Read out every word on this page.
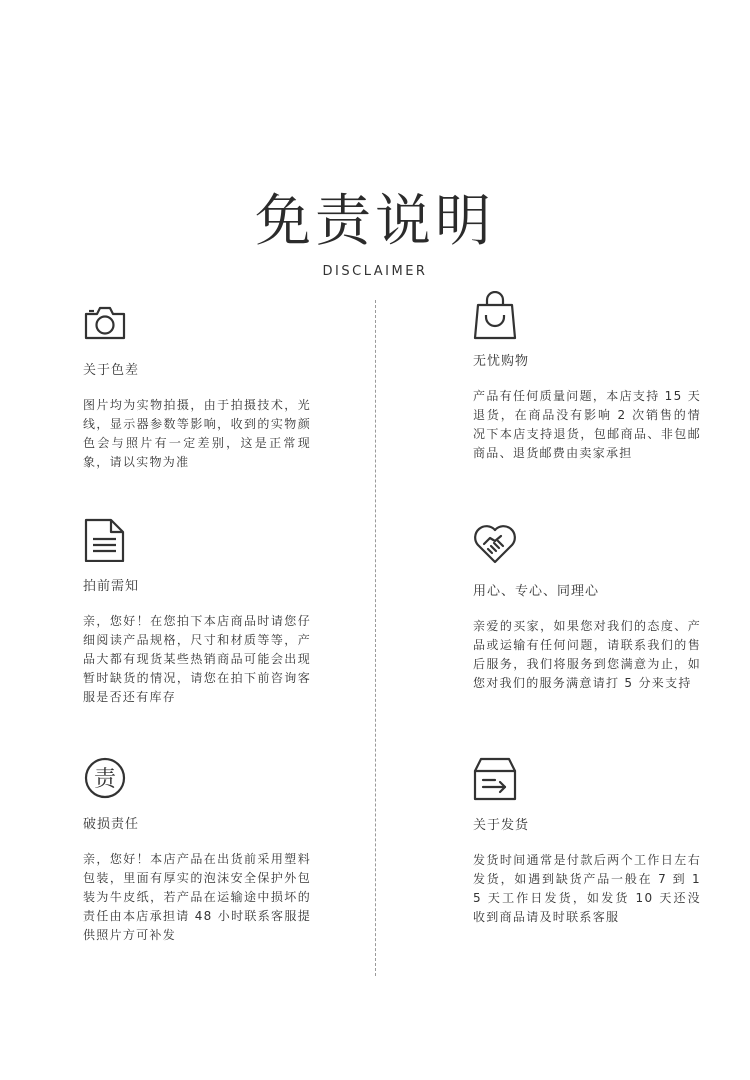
免责说明
DISCLAIMER
关于色差
图片均为实物拍摄，由于拍摄技术，光线，显示器参数等影响，收到的实物颜色会与照片有一定差别，这是正常现象，请以实物为准
拍前需知
亲，您好！在您拍下本店商品时请您仔细阅读产品规格，尺寸和材质等等，产品大都有现货某些热销商品可能会出现暂时缺货的情况，请您在拍下前咨询客服是否还有库存
责
破损责任
亲，您好！本店产品在出货前采用塑料包装，里面有厚实的泡沫安全保护外包装为牛皮纸，若产品在运输途中损坏的责任由本店承担请 48 小时联系客服提供照片方可补发
无忧购物
产品有任何质量问题，本店支持 15 天退货，在商品没有影响 2 次销售的情况下本店支持退货，包邮商品、非包邮商品、退货邮费由卖家承担
用心、专心、同理心
亲爱的买家，如果您对我们的态度、产品或运输有任何问题，请联系我们的售后服务，我们将服务到您满意为止，如您对我们的服务满意请打 5 分来支持
关于发货
发货时间通常是付款后两个工作日左右发货，如遇到缺货产品一般在 7 到 15 天工作日发货，如发货 10 天还没收到商品请及时联系客服
